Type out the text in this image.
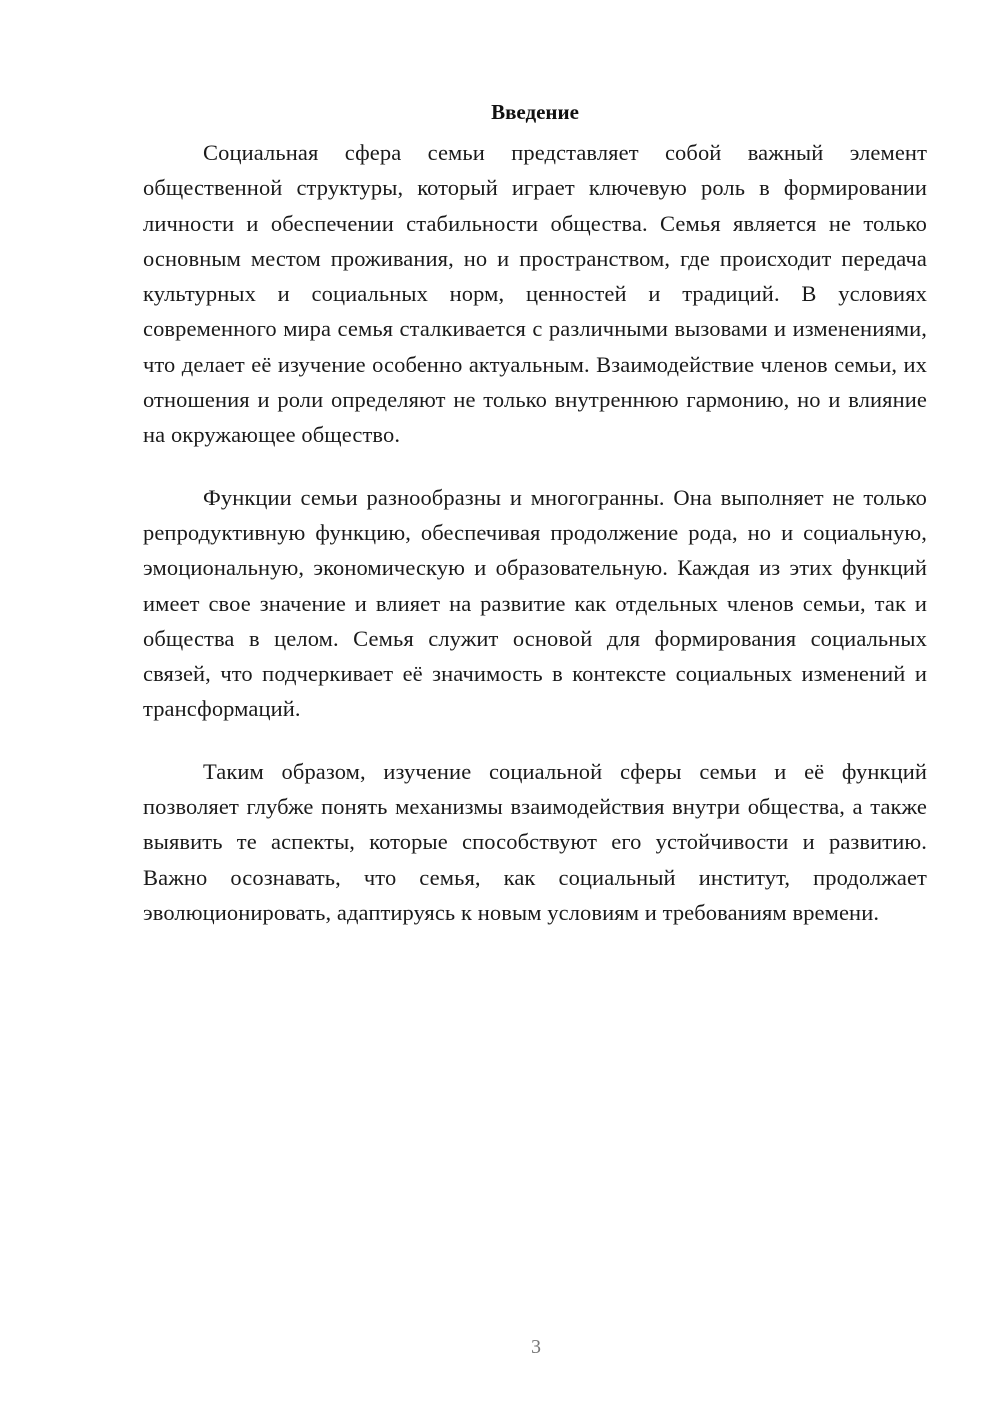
Введение

Социальная сфера семьи представляет собой важный элемент общественной структуры, который играет ключевую роль в формировании личности и обеспечении стабильности общества. Семья является не только основным местом проживания, но и пространством, где происходит передача культурных и социальных норм, ценностей и традиций. В условиях современного мира семья сталкивается с различными вызовами и изменениями, что делает её изучение особенно актуальным. Взаимодействие членов семьи, их отношения и роли определяют не только внутреннюю гармонию, но и влияние на окружающее общество.

Функции семьи разнообразны и многогранны. Она выполняет не только репродуктивную функцию, обеспечивая продолжение рода, но и социальную, эмоциональную, экономическую и образовательную. Каждая из этих функций имеет свое значение и влияет на развитие как отдельных членов семьи, так и общества в целом. Семья служит основой для формирования социальных связей, что подчеркивает её значимость в контексте социальных изменений и трансформаций.

Таким образом, изучение социальной сферы семьи и её функций позволяет глубже понять механизмы взаимодействия внутри общества, а также выявить те аспекты, которые способствуют его устойчивости и развитию. Важно осознавать, что семья, как социальный институт, продолжает эволюционировать, адаптируясь к новым условиям и требованиям времени.

3
